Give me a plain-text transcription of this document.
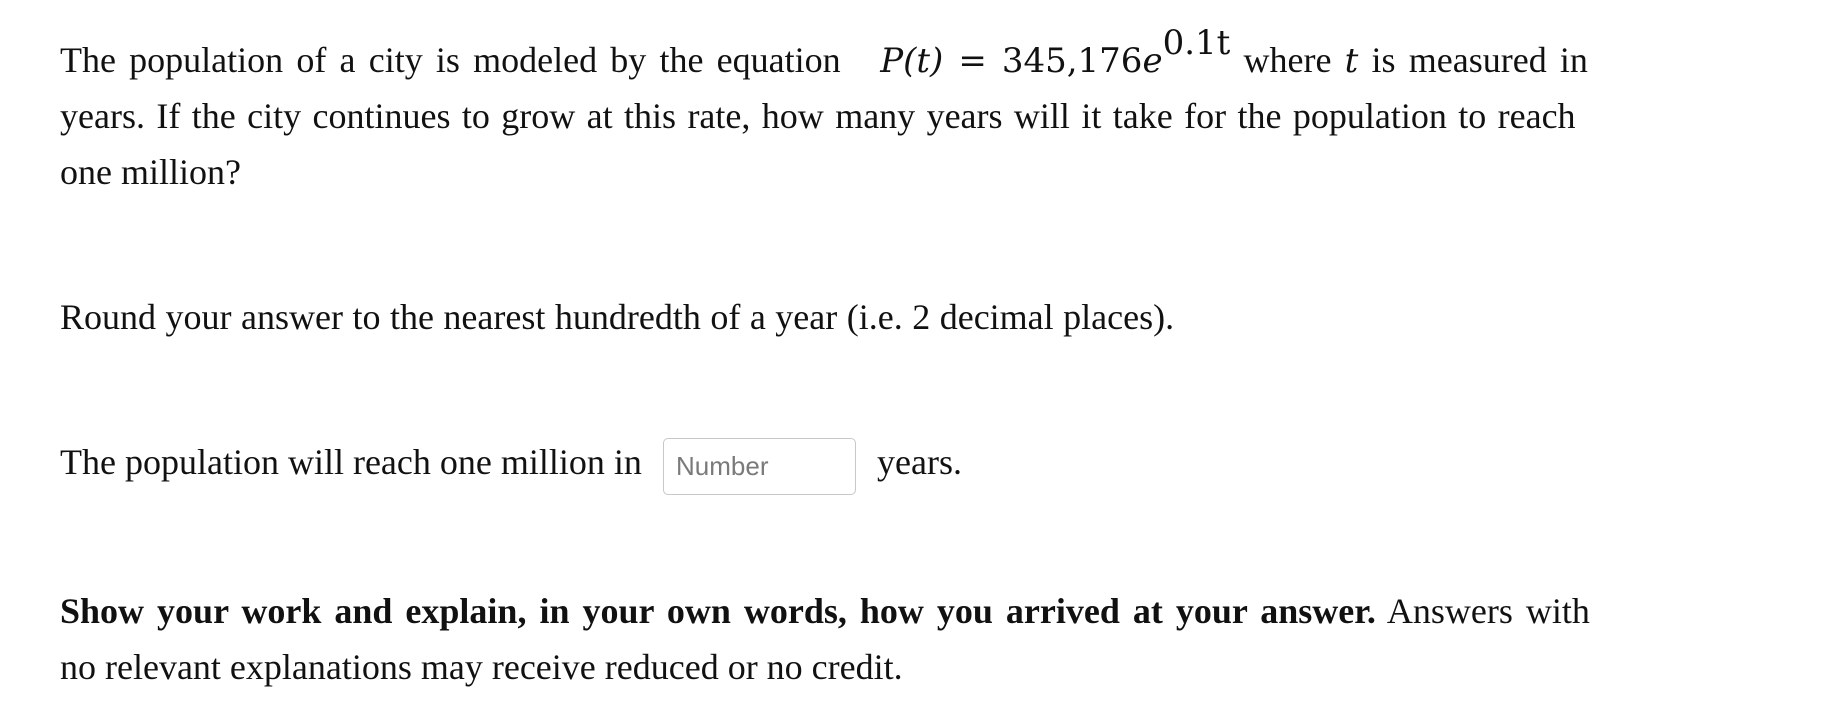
The population of a city is modeled by the equation P(t) = 345,176e0.1t where t is measured in
years. If the city continues to grow at this rate, how many years will it take for the population to reach
one million?
Round your answer to the nearest hundredth of a year (i.e. 2 decimal places).
The population will reach one million in
Show your work and explain, in your own words, how you arrived at your answer. Answers with
no relevant explanations may receive reduced or no credit.
Number
years.
